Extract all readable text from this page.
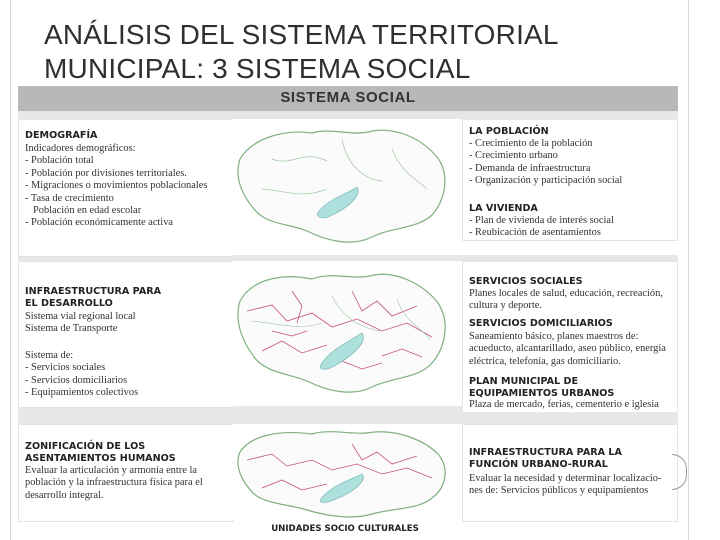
ANÁLISIS DEL SISTEMA TERRITORIAL
MUNICIPAL: 3 SISTEMA SOCIAL
SISTEMA SOCIAL
DEMOGRAFÍA
Indicadores demográficos:
- Población total
- Población por divisiones territoriales.
- Migraciones o movimientos poblacionales
- Tasa de crecimiento
Población en edad escolar
- Población económicamente activa
LA POBLACIÓN
- Crecimiento de la población
- Crecimiento urbano
- Demanda de infraestructura
- Organización y participación social
LA VIVIENDA
- Plan de vivienda de interés social
- Reubicación de asentamientos
INFRAESTRUCTURA PARA
EL DESARROLLO
Sistema vial regional local
Sistema de Transporte
Sistema de:
- Servicios sociales
- Servicios domiciliarios
- Equipamientos colectivos
SERVICIOS SOCIALES
Planes locales de salud, educación, recreación,
cultura y deporte.
SERVICIOS DOMICILIARIOS
Saneamiento básico, planes maestros de:
acueducto, alcantarillado, aseo público, energía
eléctrica, telefonía, gas domiciliario.
PLAN MUNICIPAL DE
EQUIPAMIENTOS URBANOS
Plaza de mercado, ferias, cementerio e iglesia
ZONIFICACIÓN DE LOS
ASENTAMIENTOS HUMANOS
Evaluar la articulación y armonía entre la
población y la infraestructura física para el
desarrollo integral.
INFRAESTRUCTURA PARA LA
FUNCIÓN URBANO-RURAL
Evaluar la necesidad y determinar localizacio-
nes de: Servicios públicos y equipamientos
UNIDADES SOCIO CULTURALES
